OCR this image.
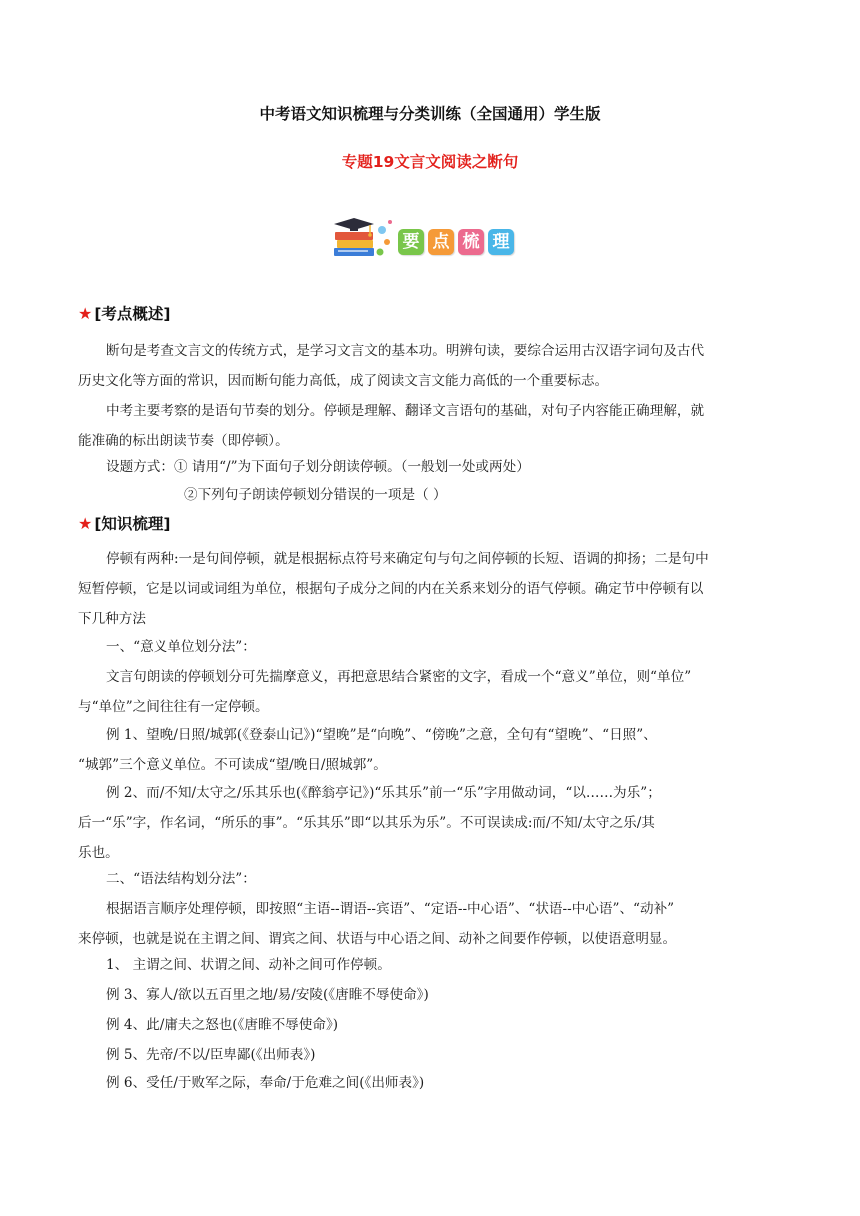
中考语文知识梳理与分类训练（全国通用）学生版
专题19文言文阅读之断句
要 点 梳 理
★ [考点概述]
断句是考查文言文的传统方式，是学习文言文的基本功。明辨句读，要综合运用古汉语字词句及古代
历史文化等方面的常识，因而断句能力高低，成了阅读文言文能力高低的一个重要标志。
中考主要考察的是语句节奏的划分。停顿是理解、翻译文言语句的基础，对句子内容能正确理解，就
能准确的标出朗读节奏（即停顿）。
设题方式：① 请用“/”为下面句子划分朗读停顿。（一般划一处或两处）
②下列句子朗读停顿划分错误的一项是（ ）
★ [知识梳理]
停顿有两种:一是句间停顿，就是根据标点符号来确定句与句之间停顿的长短、语调的抑扬；二是句中
短暂停顿，它是以词或词组为单位，根据句子成分之间的内在关系来划分的语气停顿。确定节中停顿有以
下几种方法
一、“意义单位划分法”：
文言句朗读的停顿划分可先揣摩意义，再把意思结合紧密的文字，看成一个“意义”单位，则“单位”
与“单位”之间往往有一定停顿。
例 1、望晚/日照/城郭(《登泰山记》)“望晚”是“向晚”、“傍晚”之意，全句有“望晚”、“日照”、
“城郭”三个意义单位。不可读成“望/晚日/照城郭”。
例 2、而/不知/太守之/乐其乐也(《醉翁亭记》)“乐其乐”前一“乐”字用做动词，“以……为乐”；
后一“乐”字，作名词，“所乐的事”。“乐其乐”即“以其乐为乐”。不可误读成:而/不知/太守之乐/其
乐也。
二、“语法结构划分法”：
根据语言顺序处理停顿，即按照“主语--谓语--宾语”、“定语--中心语”、“状语--中心语”、“动补”
来停顿，也就是说在主谓之间、谓宾之间、状语与中心语之间、动补之间要作停顿，以使语意明显。
1、 主谓之间、状谓之间、动补之间可作停顿。
例 3、寡人/欲以五百里之地/易/安陵(《唐睢不辱使命》)
例 4、此/庸夫之怒也(《唐睢不辱使命》)
例 5、先帝/不以/臣卑鄙(《出师表》)
例 6、受任/于败军之际，奉命/于危难之间(《出师表》)
